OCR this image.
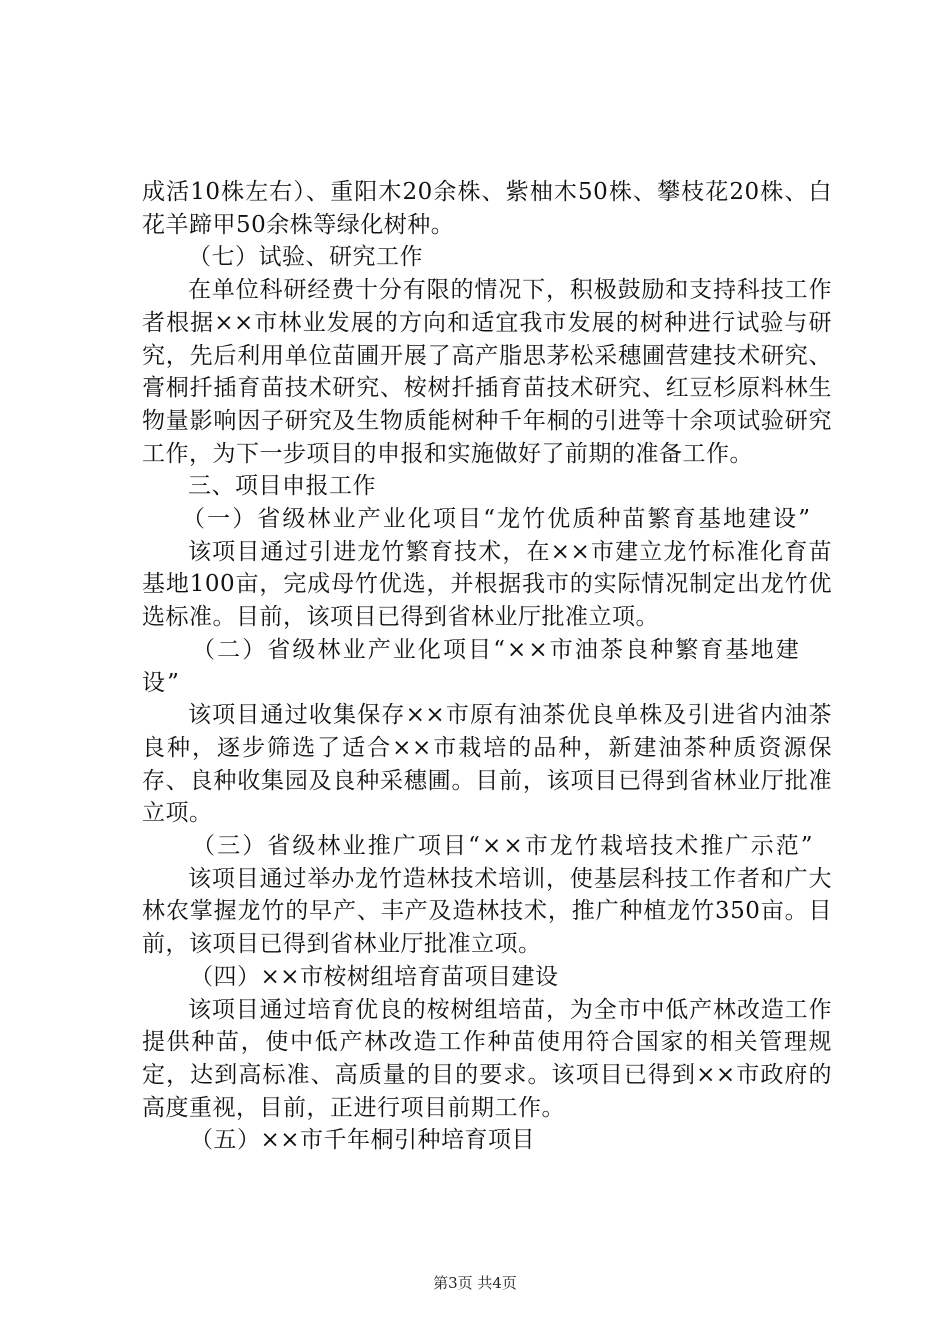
成活10株左右）、重阳木20余株、紫柚木50株、攀枝花20株、白花羊蹄甲50余株等绿化树种。

（七）试验、研究工作

在单位科研经费十分有限的情况下，积极鼓励和支持科技工作者根据××市林业发展的方向和适宜我市发展的树种进行试验与研究，先后利用单位苗圃开展了高产脂思茅松采穗圃营建技术研究、膏桐扦插育苗技术研究、桉树扦插育苗技术研究、红豆杉原料林生物量影响因子研究及生物质能树种千年桐的引进等十余项试验研究工作，为下一步项目的申报和实施做好了前期的准备工作。

三、项目申报工作

（一）省级林业产业化项目“龙竹优质种苗繁育基地建设”

该项目通过引进龙竹繁育技术，在××市建立龙竹标准化育苗基地100亩，完成母竹优选，并根据我市的实际情况制定出龙竹优选标准。目前，该项目已得到省林业厅批准立项。

（二）省级林业产业化项目“××市油茶良种繁育基地建设”

该项目通过收集保存××市原有油茶优良单株及引进省内油茶良种，逐步筛选了适合××市栽培的品种，新建油茶种质资源保存、良种收集园及良种采穗圃。目前，该项目已得到省林业厅批准立项。

（三）省级林业推广项目“××市龙竹栽培技术推广示范”

该项目通过举办龙竹造林技术培训，使基层科技工作者和广大林农掌握龙竹的早产、丰产及造林技术，推广种植龙竹350亩。目前，该项目已得到省林业厅批准立项。

（四）××市桉树组培育苗项目建设

该项目通过培育优良的桉树组培苗，为全市中低产林改造工作提供种苗，使中低产林改造工作种苗使用符合国家的相关管理规定，达到高标准、高质量的目的要求。该项目已得到××市政府的高度重视，目前，正进行项目前期工作。

（五）××市千年桐引种培育项目

第3页 共4页
